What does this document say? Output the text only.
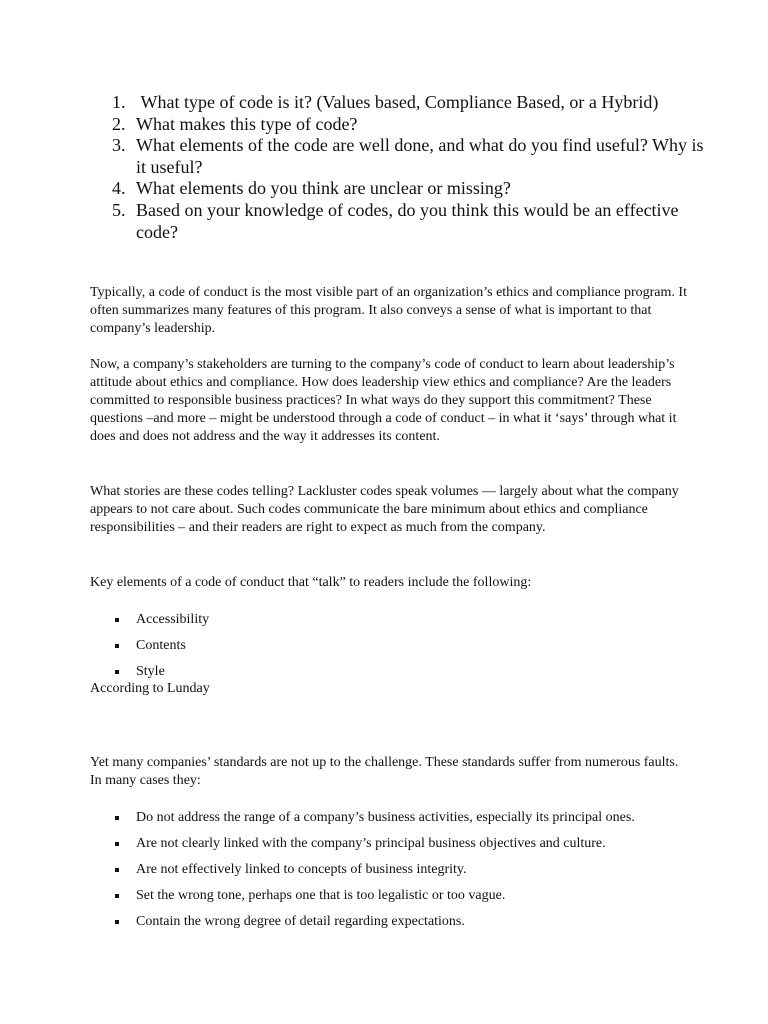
1. What type of code is it? (Values based, Compliance Based, or a Hybrid)
2. What makes this type of code?
3. What elements of the code are well done, and what do you find useful? Why is it useful?
4. What elements do you think are unclear or missing?
5. Based on your knowledge of codes, do you think this would be an effective code?

Typically, a code of conduct is the most visible part of an organization’s ethics and compliance program. It often summarizes many features of this program. It also conveys a sense of what is important to that company’s leadership.

Now, a company’s stakeholders are turning to the company’s code of conduct to learn about leadership’s attitude about ethics and compliance. How does leadership view ethics and compliance? Are the leaders committed to responsible business practices? In what ways do they support this commitment? These questions –and more – might be understood through a code of conduct – in what it ‘says’ through what it does and does not address and the way it addresses its content.

What stories are these codes telling? Lackluster codes speak volumes — largely about what the company appears to not care about. Such codes communicate the bare minimum about ethics and compliance responsibilities – and their readers are right to expect as much from the company.

Key elements of a code of conduct that “talk” to readers include the following:

Accessibility
Contents
Style

According to Lunday

Yet many companies’ standards are not up to the challenge. These standards suffer from numerous faults. In many cases they:

Do not address the range of a company’s business activities, especially its principal ones.
Are not clearly linked with the company’s principal business objectives and culture.
Are not effectively linked to concepts of business integrity.
Set the wrong tone, perhaps one that is too legalistic or too vague.
Contain the wrong degree of detail regarding expectations.
